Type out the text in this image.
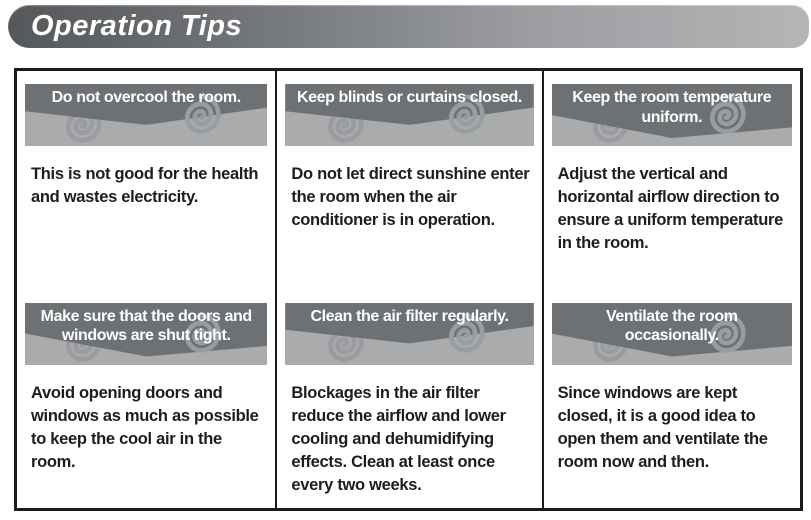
Operation Tips
Do not overcool the room.

This is not good for the health and wastes electricity.

Keep blinds or curtains closed.

Do not let direct sunshine enter the room when the air conditioner is in operation.

Keep the room temperature uniform.

Adjust the vertical and horizontal airflow direction to ensure a uniform temperature in the room.

Make sure that the doors and windows are shut tight.

Avoid opening doors and windows as much as possible to keep the cool air in the room.

Clean the air filter regularly.

Blockages in the air filter reduce the airflow and lower cooling and dehumidifying effects. Clean at least once every two weeks.

Ventilate the room occasionally.

Since windows are kept closed, it is a good idea to open them and ventilate the room now and then.
